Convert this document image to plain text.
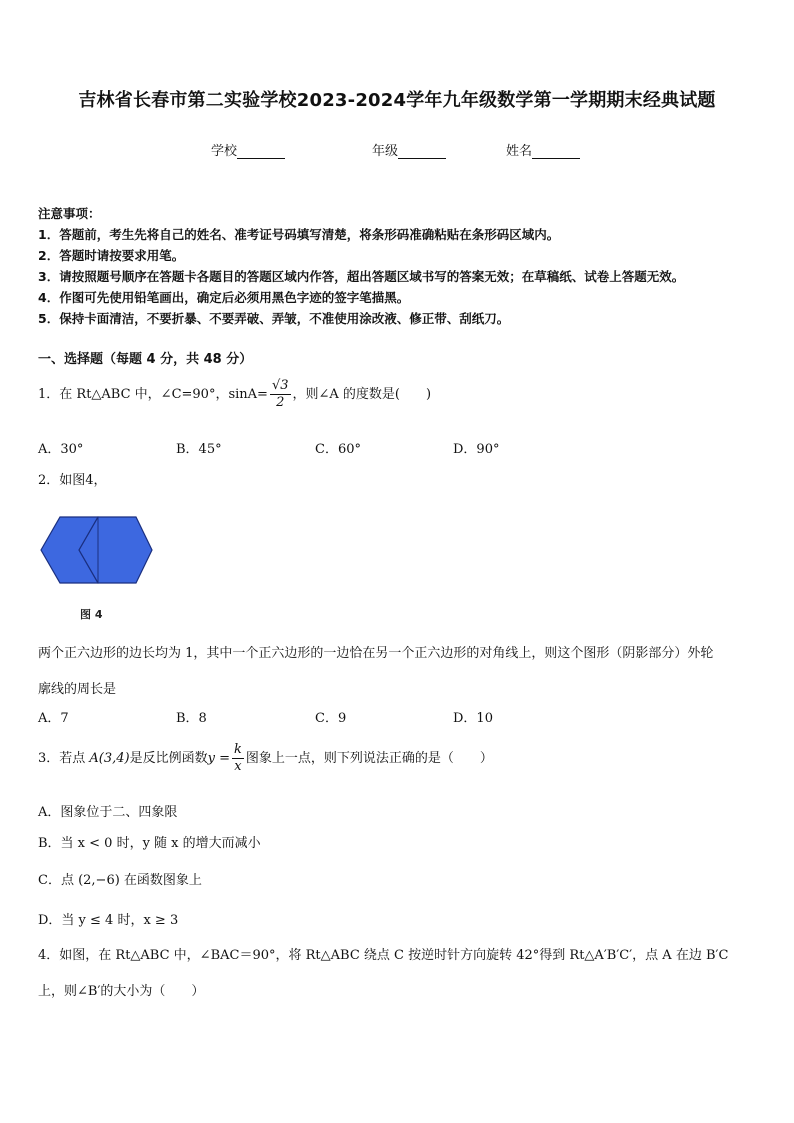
吉林省长春市第二实验学校2023-2024学年九年级数学第一学期期末经典试题
学校	年级	姓名
注意事项：
1．答题前，考生先将自己的姓名、准考证号码填写清楚，将条形码准确粘贴在条形码区域内。
2．答题时请按要求用笔。
3．请按照题号顺序在答题卡各题目的答题区域内作答，超出答题区域书写的答案无效；在草稿纸、试卷上答题无效。
4．作图可先使用铅笔画出，确定后必须用黑色字迹的签字笔描黑。
5．保持卡面清洁，不要折暴、不要弄破、弄皱，不准使用涂改液、修正带、刮纸刀。
一、选择题（每题 4 分，共 48 分）
1．在 Rt△ABC 中，∠C=90°，$\sin A= \frac{√3}{2}$ ，则∠A 的度数是(　　)
A．30°	B．45°	C．60°	D．90°
2．如图4，
图 4
两个正六边形的边长均为 1，其中一个正六边形的一边恰在另一个正六边形的对角线上，则这个图形（阴影部分）外轮
廓线的周长是
A．7	B．8	C．9	D．10
3．若点 A(3,4)是反比例函数$y = \frac{k}{x}$ 图象上一点，则下列说法正确的是（　　）
A．图象位于二、四象限
B．当 x < 0 时，y 随 x 的增大而减小
C．点 (2,−6) 在函数图象上
D．当 y ≤ 4 时，x ≥ 3
4．如图，在 Rt△ABC 中，∠BAC＝90°，将 Rt△ABC 绕点 C 按逆时针方向旋转 42°得到 Rt△A′B′C′，点 A 在边 B′C
上，则∠B′的大小为（　　）
